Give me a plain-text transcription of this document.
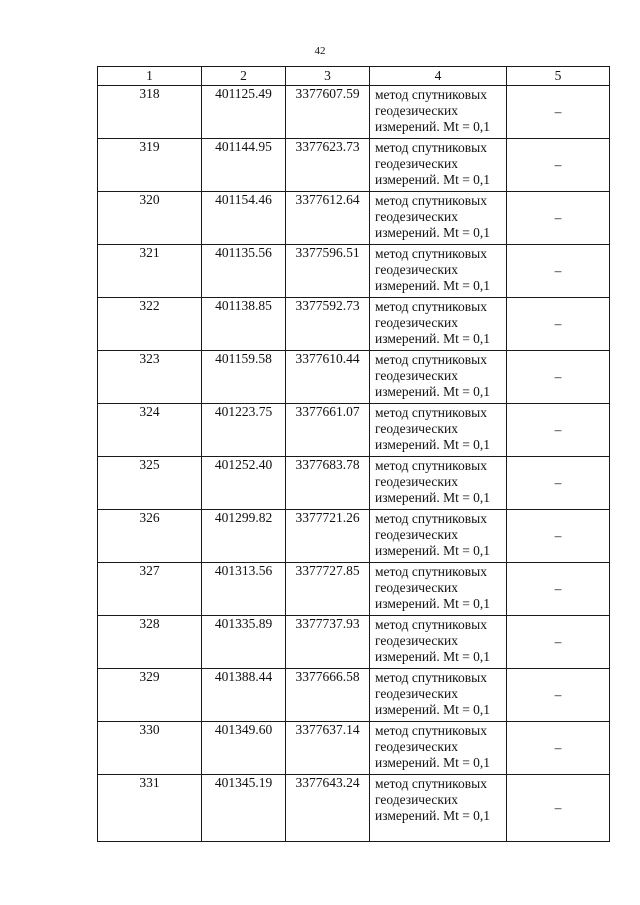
42
1	2	3	4	5
318	401125.49	3377607.59	метод спутниковых
геодезических
измерений. Mt = 0,1	–
319	401144.95	3377623.73	метод спутниковых
геодезических
измерений. Mt = 0,1	–
320	401154.46	3377612.64	метод спутниковых
геодезических
измерений. Mt = 0,1	–
321	401135.56	3377596.51	метод спутниковых
геодезических
измерений. Mt = 0,1	–
322	401138.85	3377592.73	метод спутниковых
геодезических
измерений. Mt = 0,1	–
323	401159.58	3377610.44	метод спутниковых
геодезических
измерений. Mt = 0,1	–
324	401223.75	3377661.07	метод спутниковых
геодезических
измерений. Mt = 0,1	–
325	401252.40	3377683.78	метод спутниковых
геодезических
измерений. Mt = 0,1	–
326	401299.82	3377721.26	метод спутниковых
геодезических
измерений. Mt = 0,1	–
327	401313.56	3377727.85	метод спутниковых
геодезических
измерений. Mt = 0,1	–
328	401335.89	3377737.93	метод спутниковых
геодезических
измерений. Mt = 0,1	–
329	401388.44	3377666.58	метод спутниковых
геодезических
измерений. Mt = 0,1	–
330	401349.60	3377637.14	метод спутниковых
геодезических
измерений. Mt = 0,1	–
331	401345.19	3377643.24	метод спутниковых
геодезических
измерений. Mt = 0,1	–
